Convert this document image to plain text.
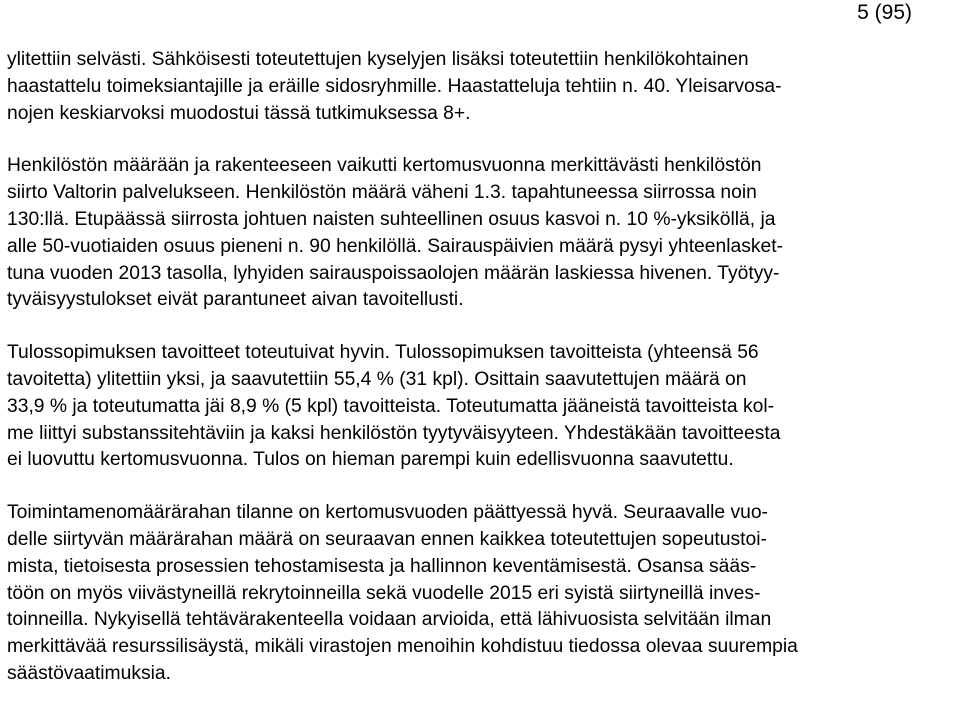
5 (95)

ylitettiin selvästi. Sähköisesti toteutettujen kyselyjen lisäksi toteutettiin henkilökohtainen
haastattelu toimeksiantajille ja eräille sidosryhmille. Haastatteluja tehtiin n. 40. Yleisarvosa-
nojen keskiarvoksi muodostui tässä tutkimuksessa 8+.

Henkilöstön määrään ja rakenteeseen vaikutti kertomusvuonna merkittävästi henkilöstön
siirto Valtorin palvelukseen. Henkilöstön määrä väheni 1.3. tapahtuneessa siirrossa noin
130:llä. Etupäässä siirrosta johtuen naisten suhteellinen osuus kasvoi n. 10 %-yksiköllä, ja
alle 50-vuotiaiden osuus pieneni n. 90 henkilöllä. Sairauspäivien määrä pysyi yhteenlasket-
tuna vuoden 2013 tasolla, lyhyiden sairauspoissaolojen määrän laskiessa hivenen. Työtyy-
tyväisyystulokset eivät parantuneet aivan tavoitellusti.

Tulossopimuksen tavoitteet toteutuivat hyvin. Tulossopimuksen tavoitteista (yhteensä 56
tavoitetta) ylitettiin yksi, ja saavutettiin 55,4 % (31 kpl). Osittain saavutettujen määrä on
33,9 % ja toteutumatta jäi 8,9 % (5 kpl) tavoitteista. Toteutumatta jääneistä tavoitteista kol-
me liittyi substanssitehtäviin ja kaksi henkilöstön tyytyväisyyteen. Yhdestäkään tavoitteesta
ei luovuttu kertomusvuonna. Tulos on hieman parempi kuin edellisvuonna saavutettu.

Toimintamenomäärärahan tilanne on kertomusvuoden päättyessä hyvä. Seuraavalle vuo-
delle siirtyvän määrärahan määrä on seuraavan ennen kaikkea toteutettujen sopeutustoi-
mista, tietoisesta prosessien tehostamisesta ja hallinnon keventämisestä. Osansa sääs-
töön on myös viivästyneillä rekrytoinneilla sekä vuodelle 2015 eri syistä siirtyneillä inves-
toinneilla. Nykyisellä tehtävärakenteella voidaan arvioida, että lähivuosista selvitään ilman
merkittävää resurssilisäystä, mikäli virastojen menoihin kohdistuu tiedossa olevaa suurempia
säästövaatimuksia.
